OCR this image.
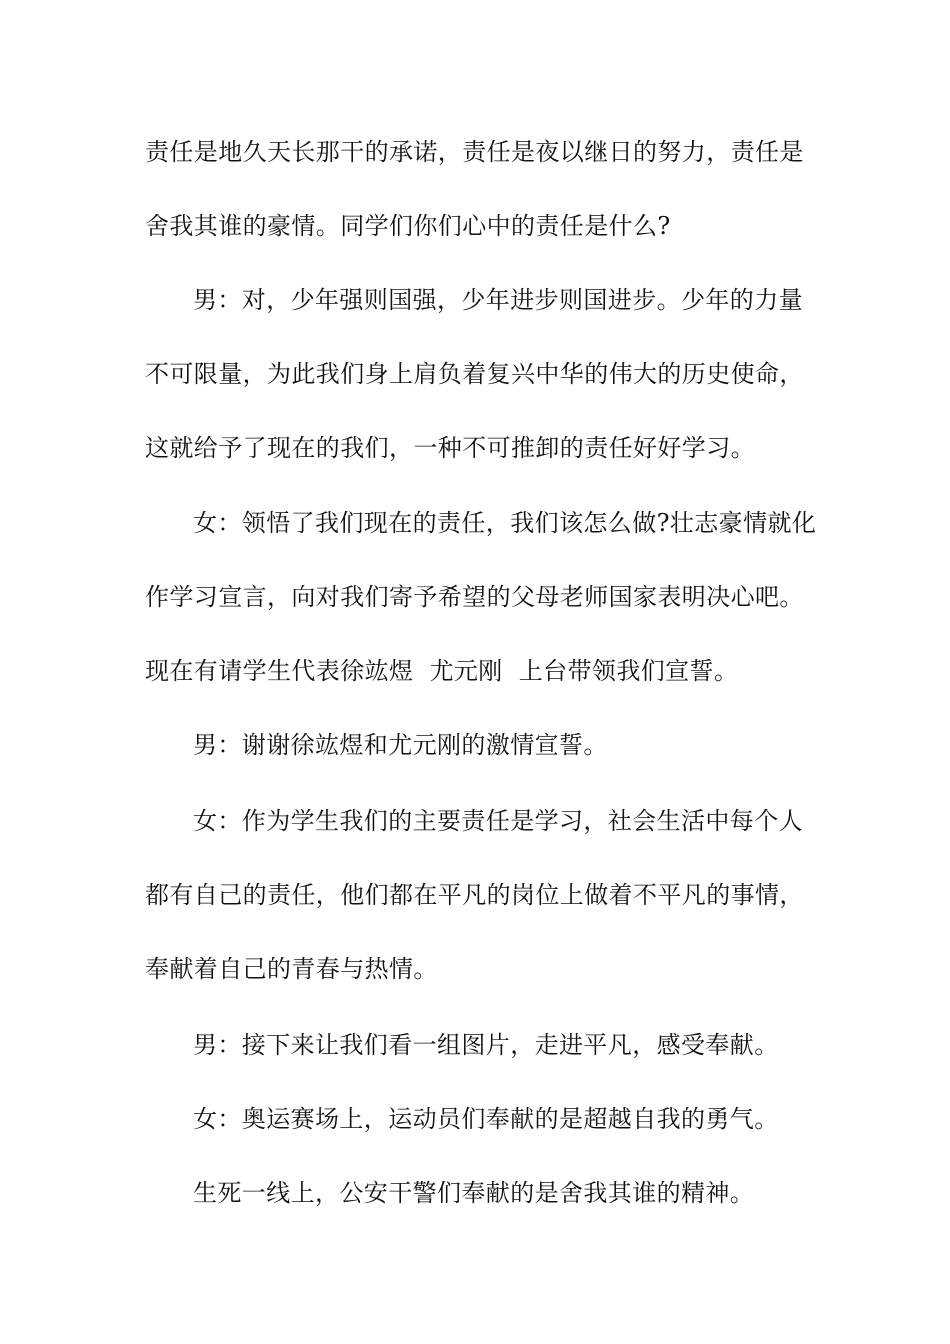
责任是地久天长那干的承诺，责任是夜以继日的努力，责任是
舍我其谁的豪情。同学们你们心中的责任是什么?
男：对，少年强则国强，少年进步则国进步。少年的力量
不可限量，为此我们身上肩负着复兴中华的伟大的历史使命，
这就给予了现在的我们，一种不可推卸的责任好好学习。
女：领悟了我们现在的责任，我们该怎么做?壮志豪情就化
作学习宣言，向对我们寄予希望的父母老师国家表明决心吧。
现在有请学生代表徐竑煜  尤元刚  上台带领我们宣誓。
男：谢谢徐竑煜和尤元刚的激情宣誓。
女：作为学生我们的主要责任是学习，社会生活中每个人
都有自己的责任，他们都在平凡的岗位上做着不平凡的事情，
奉献着自己的青春与热情。
男：接下来让我们看一组图片，走进平凡，感受奉献。
女：奥运赛场上，运动员们奉献的是超越自我的勇气。
生死一线上，公安干警们奉献的是舍我其谁的精神。
